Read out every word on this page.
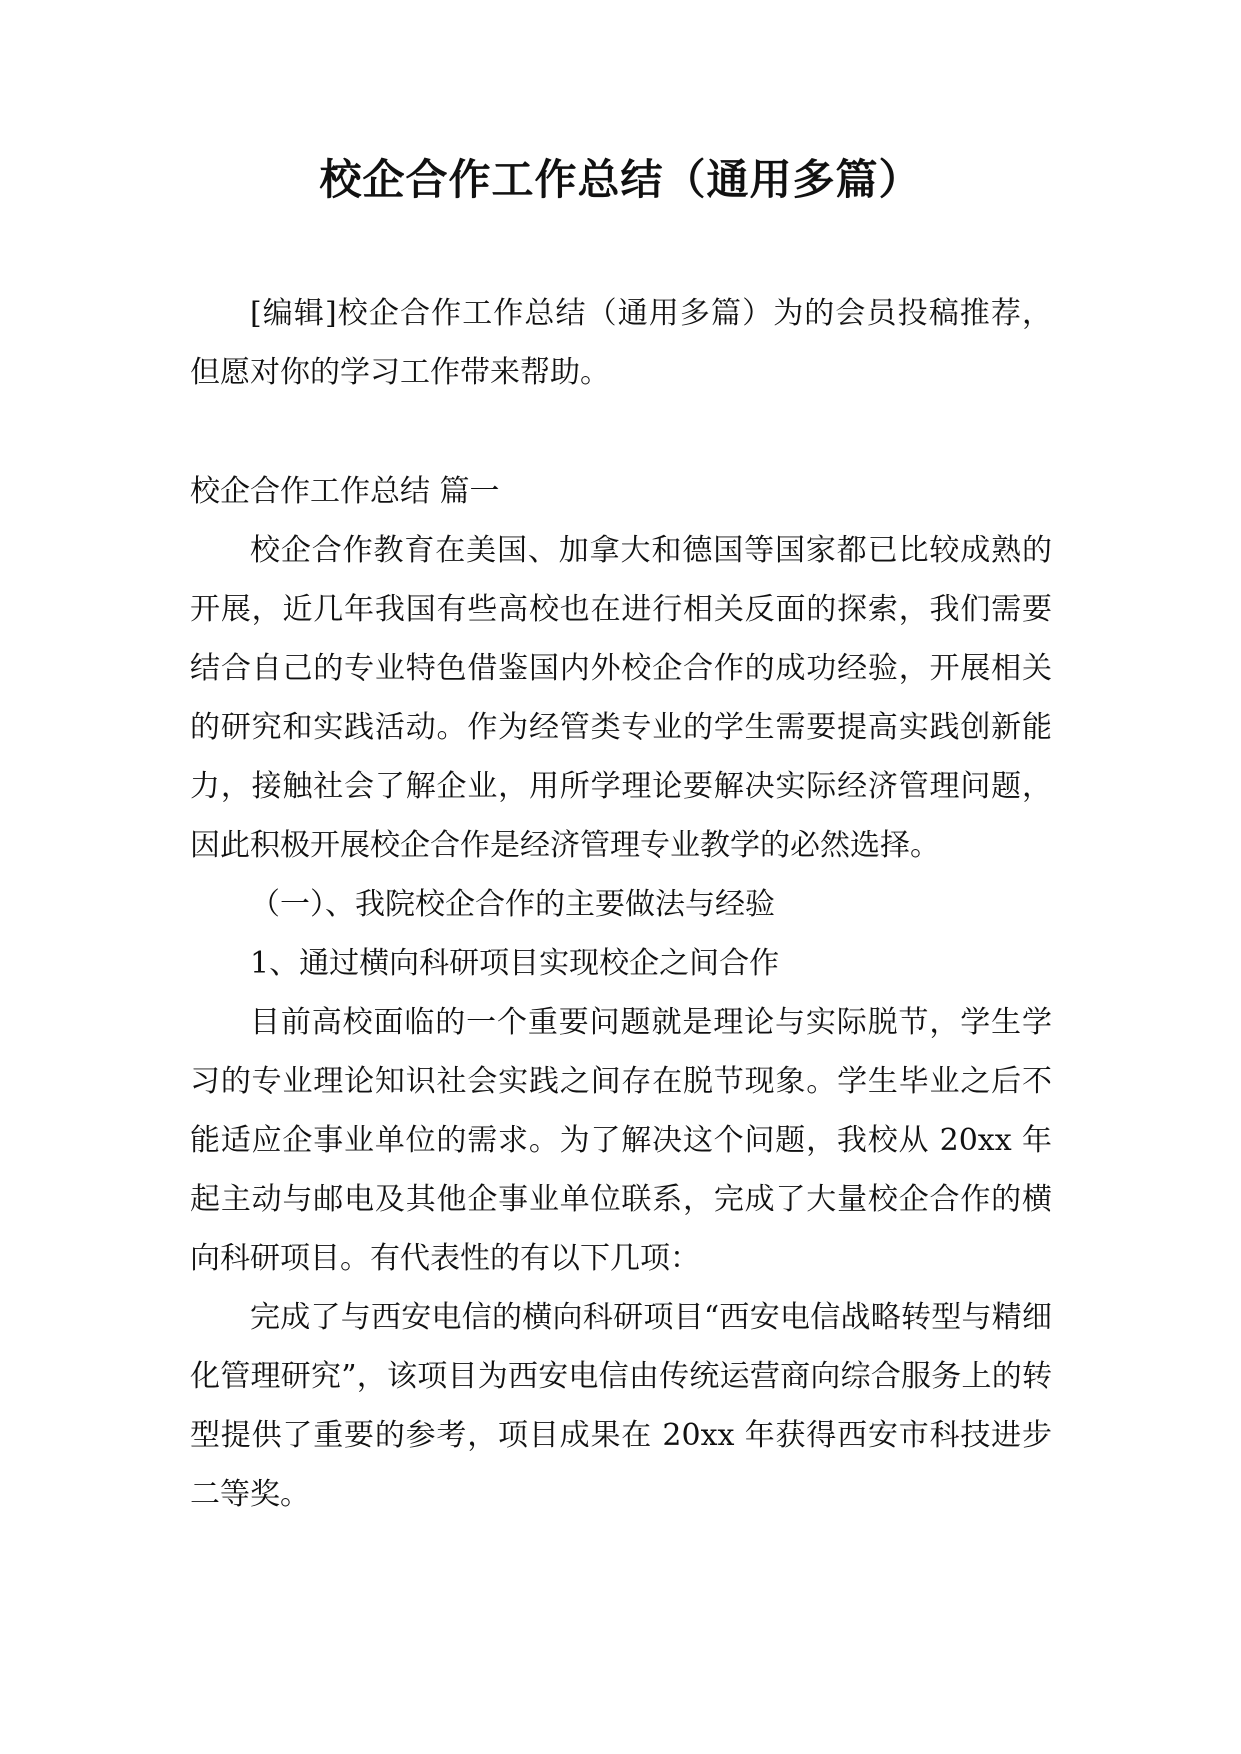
校企合作工作总结（通用多篇）

[编辑]校企合作工作总结（通用多篇）为的会员投稿推荐，但愿对你的学习工作带来帮助。

校企合作工作总结 篇一

校企合作教育在美国、加拿大和德国等国家都已比较成熟的开展，近几年我国有些高校也在进行相关反面的探索，我们需要结合自己的专业特色借鉴国内外校企合作的成功经验，开展相关的研究和实践活动。作为经管类专业的学生需要提高实践创新能力，接触社会了解企业，用所学理论要解决实际经济管理问题，因此积极开展校企合作是经济管理专业教学的必然选择。

（一）、我院校企合作的主要做法与经验

1、通过横向科研项目实现校企之间合作

目前高校面临的一个重要问题就是理论与实际脱节，学生学习的专业理论知识社会实践之间存在脱节现象。学生毕业之后不能适应企事业单位的需求。为了解决这个问题，我校从 20xx 年起主动与邮电及其他企事业单位联系，完成了大量校企合作的横向科研项目。有代表性的有以下几项：

完成了与西安电信的横向科研项目“西安电信战略转型与精细化管理研究”，该项目为西安电信由传统运营商向综合服务上的转型提供了重要的参考，项目成果在 20xx 年获得西安市科技进步二等奖。
